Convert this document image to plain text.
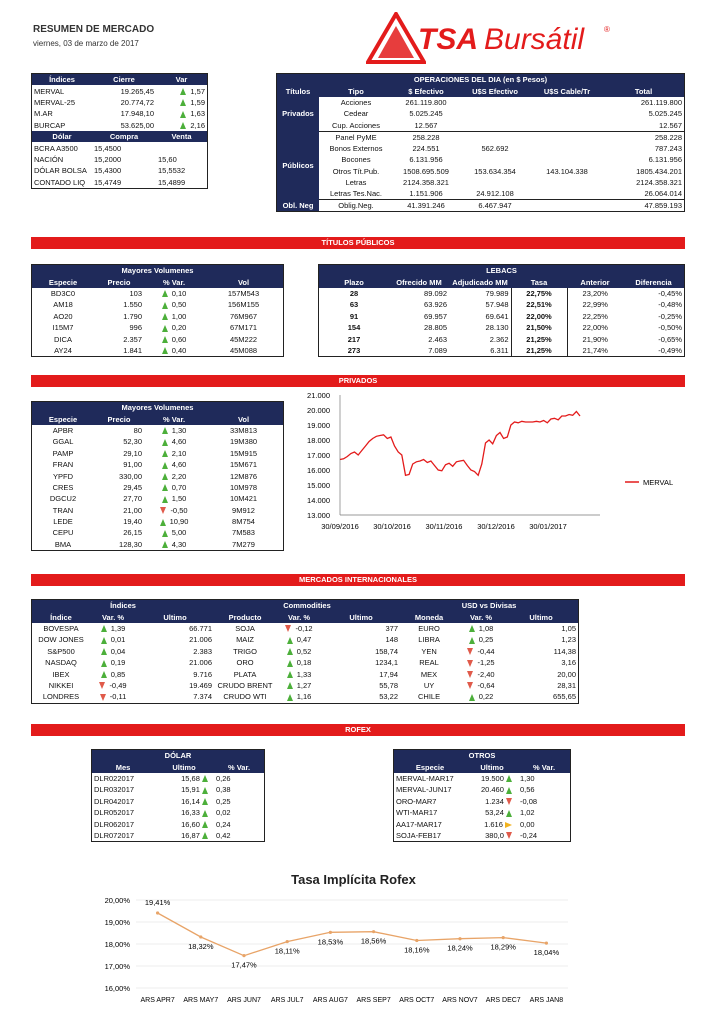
RESUMEN DE MERCADO
viernes, 03 de marzo de 2017	TSA Bursátil ®
Índices	Cierre	Var
MERVAL	19.265,45	1,57
MERVAL-25	20.774,72	1,59
M.AR	17.948,10	1,63
BURCAP	53.625,00	2,16
Dólar	Compra	Venta
BCRA A3500	15,4500	
NACIÓN	15,2000	15,60
DÓLAR BOLSA	15,4300	15,5532
CONTADO LIQ	15,4749	15,4899
OPERACIONES DEL DIA (en $ Pesos)					
Títulos	Tipo	$ Efectivo	U$S Efectivo	U$S Cable/Tr	Total
Privados	Acciones	261.119.800			261.119.800
	Cedear	5.025.245			5.025.245
	Cup. Acciones	12.567			12.567
Públicos	Panel PyME	258.228			258.228
	Bonos Externos	224.551	562.692		787.243
	Bocones	6.131.956			6.131.956
	Otros Tít.Pub.	1508.695.509	153.634.354	143.104.338	1805.434.201
	Letras	2124.358.321			2124.358.321
	Letras Tes.Nac.	1.151.906	24.912.108		26.064.014
Obl. Neg	Oblig.Neg.	41.391.246	6.467.947		47.859.193
TÍTULOS PÚBLICOS
Mayores Volumenes			
Especie	Precio	% Var.	Vol
BD3C0	103	0,10	157M543
AM18	1.550	0,50	156M155
AO20	1.790	1,00	76M967
I15M7	996	0,20	67M171
DICA	2.357	0,60	45M222
AY24	1.841	0,40	45M088
LEBACS					
Plazo	Ofrecido MM	Adjudicado MM	Tasa	Anterior	Diferencia
28	89.092	79.989	22,75%	23,20%	-0,45%
63	63.926	57.948	22,51%	22,99%	-0,48%
91	69.957	69.641	22,00%	22,25%	-0,25%
154	28.805	28.130	21,50%	22,00%	-0,50%
217	2.463	2.362	21,25%	21,90%	-0,65%
273	7.089	6.311	21,25%	21,74%	-0,49%
PRIVADOS
Mayores Volumenes			
Especie	Precio	% Var.	Vol
APBR	80	1,30	33M813
GGAL	52,30	4,60	19M380
PAMP	29,10	2,10	15M915
FRAN	91,00	4,60	15M671
YPFD	330,00	2,20	12M876
CRES	29,45	0,70	10M978
DGCU2	27,70	1,50	10M421
TRAN	21,00	-0,50	9M912
LEDE	19,40	10,90	8M754
CEPU	26,15	5,00	7M583
BMA	128,30	4,30	7M279
21.000
20.000
19.000
18.000
17.000
16.000
15.000
14.000
13.000
30/09/2016 30/10/2016 30/11/2016 30/12/2016 30/01/2017
MERVAL
MERCADOS INTERNACIONALES
Índices			Commodities			USD vs Divisas		
Índice	Var. %	Ultimo	Producto	Var. %	Ultimo	Moneda	Var. %	Ultimo
BOVESPA	1,39	66.771	SOJA	-0,12	377	EURO	1,08	1,05
DOW JONES	0,01	21.006	MAIZ	0,47	148	LIBRA	0,25	1,23
S&P500	0,04	2.383	TRIGO	0,52	158,74	YEN	-0,44	114,38
NASDAQ	0,19	21.006	ORO	0,18	1234,1	REAL	-1,25	3,16
IBEX	0,85	9.716	PLATA	1,33	17,94	MEX	-2,40	20,00
NIKKEI	-0,49	19.469	CRUDO BRENT	1,27	55,78	UY	-0,64	28,31
LONDRES	-0,11	7.374	CRUDO WTI	1,16	53,22	CHILE	0,22	655,65
ROFEX
DÓLAR		
Mes	Ultimo	% Var.
DLR022017	15,68	0,26
DLR032017	15,91	0,38
DLR042017	16,14	0,25
DLR052017	16,33	0,02
DLR062017	16,60	0,24
DLR072017	16,87	0,42
OTROS		
Especie	Ultimo	% Var.
MERVAL-MAR17	19.500	1,30
MERVAL-JUN17	20.460	0,56
ORO-MAR7	1.234	-0,08
WTI-MAR17	53,24	1,02
AA17-MAR17	1.616	0,00
SOJA-FEB17	380,0	-0,24
Tasa Implícita Rofex
20,00%
19,00%
18,00%
17,00%
16,00%
ARS APR7 ARS MAY7 ARS JUN7 ARS JUL7 ARS AUG7 ARS SEP7 ARS OCT7 ARS NOV7 ARS DEC7 ARS JAN8
19,41%
18,32%
17,47%
18,11%
18,53% 18,56%
18,16% 18,24% 18,29%
18,04%
